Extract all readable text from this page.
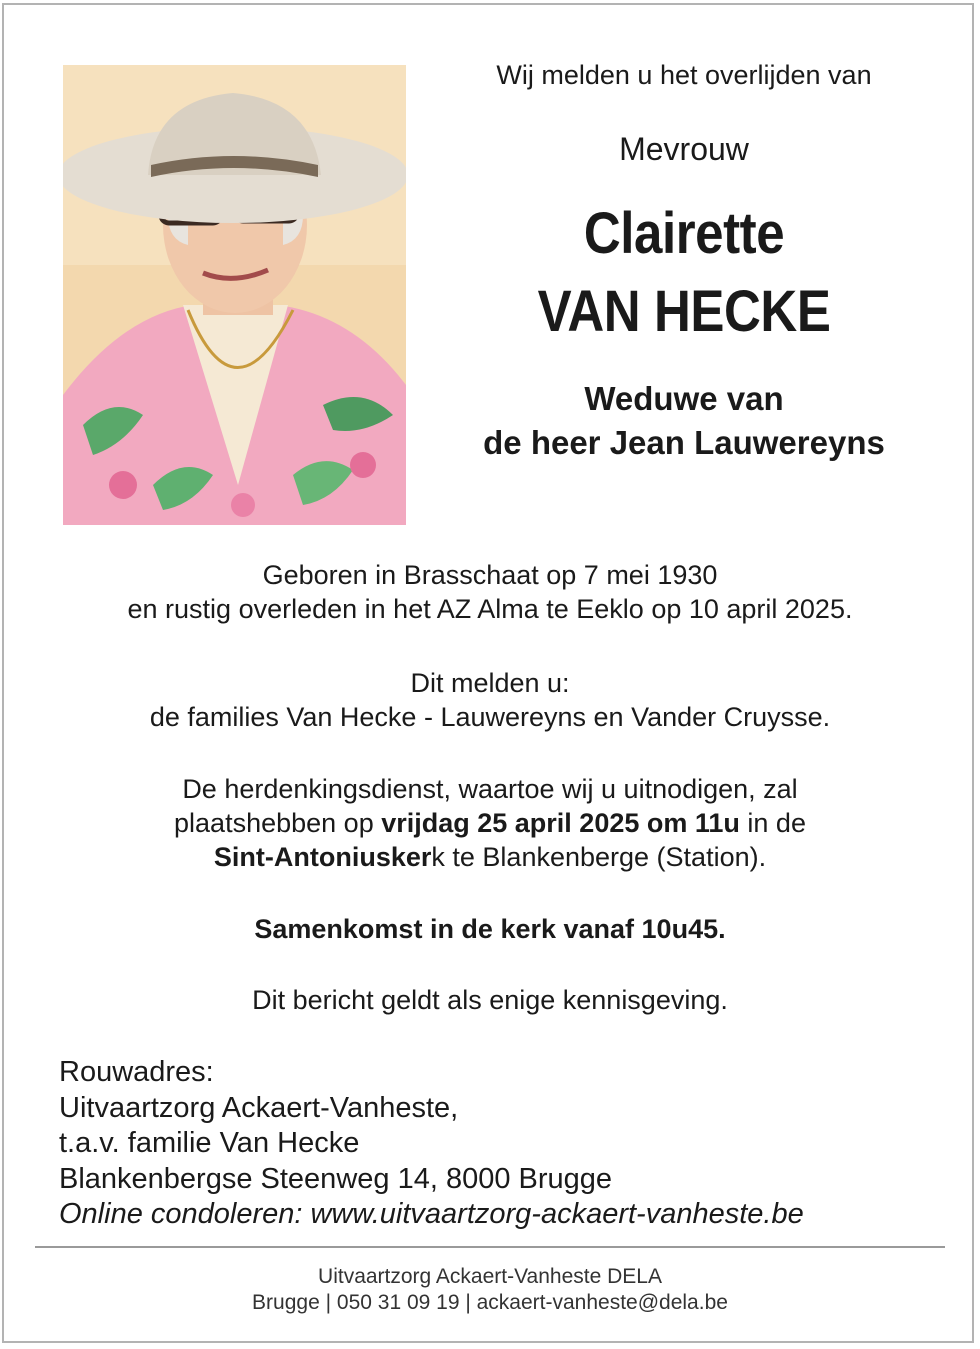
Wij melden u het overlijden van
Mevrouw
Clairette
VAN HECKE
Weduwe van
de heer Jean Lauwereyns
Geboren in Brasschaat op 7 mei 1930
en rustig overleden in het AZ Alma te Eeklo op 10 april 2025.
Dit melden u:
de families Van Hecke - Lauwereyns en Vander Cruysse.
De herdenkingsdienst, waartoe wij u uitnodigen, zal
plaatshebben op vrijdag 25 april 2025 om 11u in de
Sint-Antoniuskerk te Blankenberge (Station).
Samenkomst in de kerk vanaf 10u45.
Dit bericht geldt als enige kennisgeving.
Rouwadres:
Uitvaartzorg Ackaert-Vanheste,
t.a.v. familie Van Hecke
Blankenbergse Steenweg 14, 8000 Brugge
Online condoleren: www.uitvaartzorg-ackaert-vanheste.be
Uitvaartzorg Ackaert-Vanheste DELA
Brugge | 050 31 09 19 | ackaert-vanheste@dela.be
